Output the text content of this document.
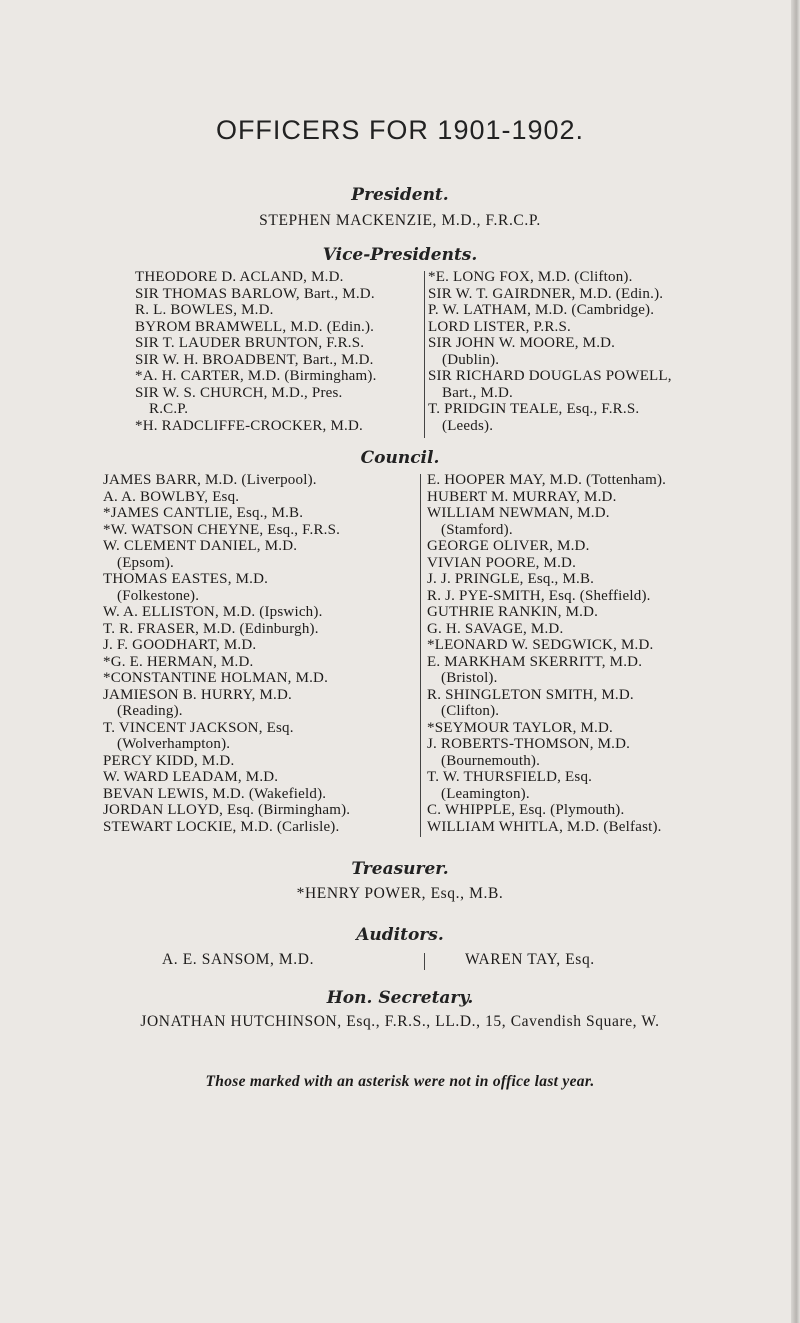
OFFICERS FOR 1901-1902.
President.
STEPHEN MACKENZIE, M.D., F.R.C.P.
Vice-Presidents.
THEODORE D. ACLAND, M.D.
SIR THOMAS BARLOW, Bart., M.D.
R. L. BOWLES, M.D.
BYROM BRAMWELL, M.D. (Edin.).
SIR T. LAUDER BRUNTON, F.R.S.
SIR W. H. BROADBENT, Bart., M.D.
*A. H. CARTER, M.D. (Birmingham).
SIR W. S. CHURCH, M.D., Pres.
R.C.P.
*H. RADCLIFFE-CROCKER, M.D.
*E. LONG FOX, M.D. (Clifton).
SIR W. T. GAIRDNER, M.D. (Edin.).
P. W. LATHAM, M.D. (Cambridge).
LORD LISTER, P.R.S.
SIR JOHN W. MOORE, M.D.
(Dublin).
SIR RICHARD DOUGLAS POWELL,
Bart., M.D.
T. PRIDGIN TEALE, Esq., F.R.S.
(Leeds).
Council.
JAMES BARR, M.D. (Liverpool).
A. A. BOWLBY, Esq.
*JAMES CANTLIE, Esq., M.B.
*W. WATSON CHEYNE, Esq., F.R.S.
W. CLEMENT DANIEL, M.D.
(Epsom).
THOMAS EASTES, M.D.
(Folkestone).
W. A. ELLISTON, M.D. (Ipswich).
T. R. FRASER, M.D. (Edinburgh).
J. F. GOODHART, M.D.
*G. E. HERMAN, M.D.
*CONSTANTINE HOLMAN, M.D.
JAMIESON B. HURRY, M.D.
(Reading).
T. VINCENT JACKSON, Esq.
(Wolverhampton).
PERCY KIDD, M.D.
W. WARD LEADAM, M.D.
BEVAN LEWIS, M.D. (Wakefield).
JORDAN LLOYD, Esq. (Birmingham).
STEWART LOCKIE, M.D. (Carlisle).
E. HOOPER MAY, M.D. (Tottenham).
HUBERT M. MURRAY, M.D.
WILLIAM NEWMAN, M.D.
(Stamford).
GEORGE OLIVER, M.D.
VIVIAN POORE, M.D.
J. J. PRINGLE, Esq., M.B.
R. J. PYE-SMITH, Esq. (Sheffield).
GUTHRIE RANKIN, M.D.
G. H. SAVAGE, M.D.
*LEONARD W. SEDGWICK, M.D.
E. MARKHAM SKERRITT, M.D.
(Bristol).
R. SHINGLETON SMITH, M.D.
(Clifton).
*SEYMOUR TAYLOR, M.D.
J. ROBERTS-THOMSON, M.D.
(Bournemouth).
T. W. THURSFIELD, Esq.
(Leamington).
C. WHIPPLE, Esq. (Plymouth).
WILLIAM WHITLA, M.D. (Belfast).
Treasurer.
*HENRY POWER, Esq., M.B.
Auditors.
A. E. SANSOM, M.D.	WAREN TAY, Esq.
Hon. Secretary.
JONATHAN HUTCHINSON, Esq., F.R.S., LL.D., 15, Cavendish Square, W.
Those marked with an asterisk were not in office last year.
